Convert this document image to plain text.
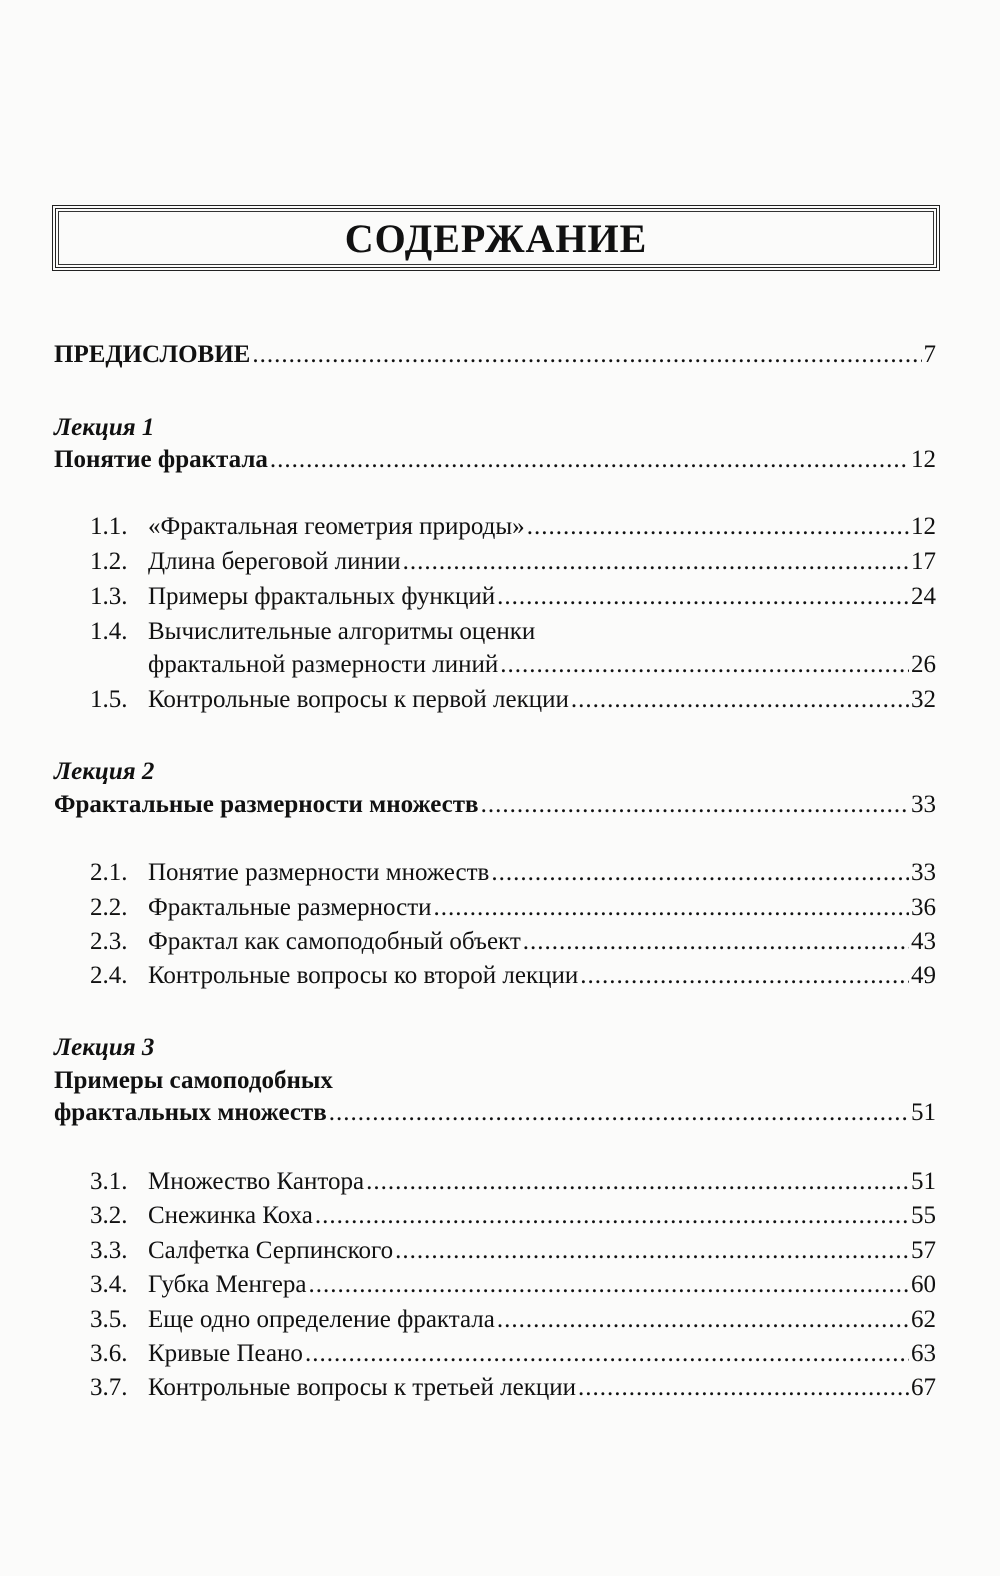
СОДЕРЖАНИЕ
ПРЕДИСЛОВИЕ .....	7
Лекция 1
Понятие фрактала .....	12
1.1. «Фрактальная геометрия природы» .....	12
1.2. Длина береговой линии .....	17
1.3. Примеры фрактальных функций .....	24
1.4. Вычислительные алгоритмы оценки
фрактальной размерности линий .....	26
1.5. Контрольные вопросы к первой лекции .....	32
Лекция 2
Фрактальные размерности множеств .....	33
2.1. Понятие размерности множеств .....	33
2.2. Фрактальные размерности .....	36
2.3. Фрактал как самоподобный объект .....	43
2.4. Контрольные вопросы ко второй лекции .....	49
Лекция 3
Примеры самоподобных
фрактальных множеств .....	51
3.1. Множество Кантора .....	51
3.2. Снежинка Коха .....	55
3.3. Салфетка Серпинского .....	57
3.4. Губка Менгера .....	60
3.5. Еще одно определение фрактала .....	62
3.6. Кривые Пеано .....	63
3.7. Контрольные вопросы к третьей лекции .....	67
